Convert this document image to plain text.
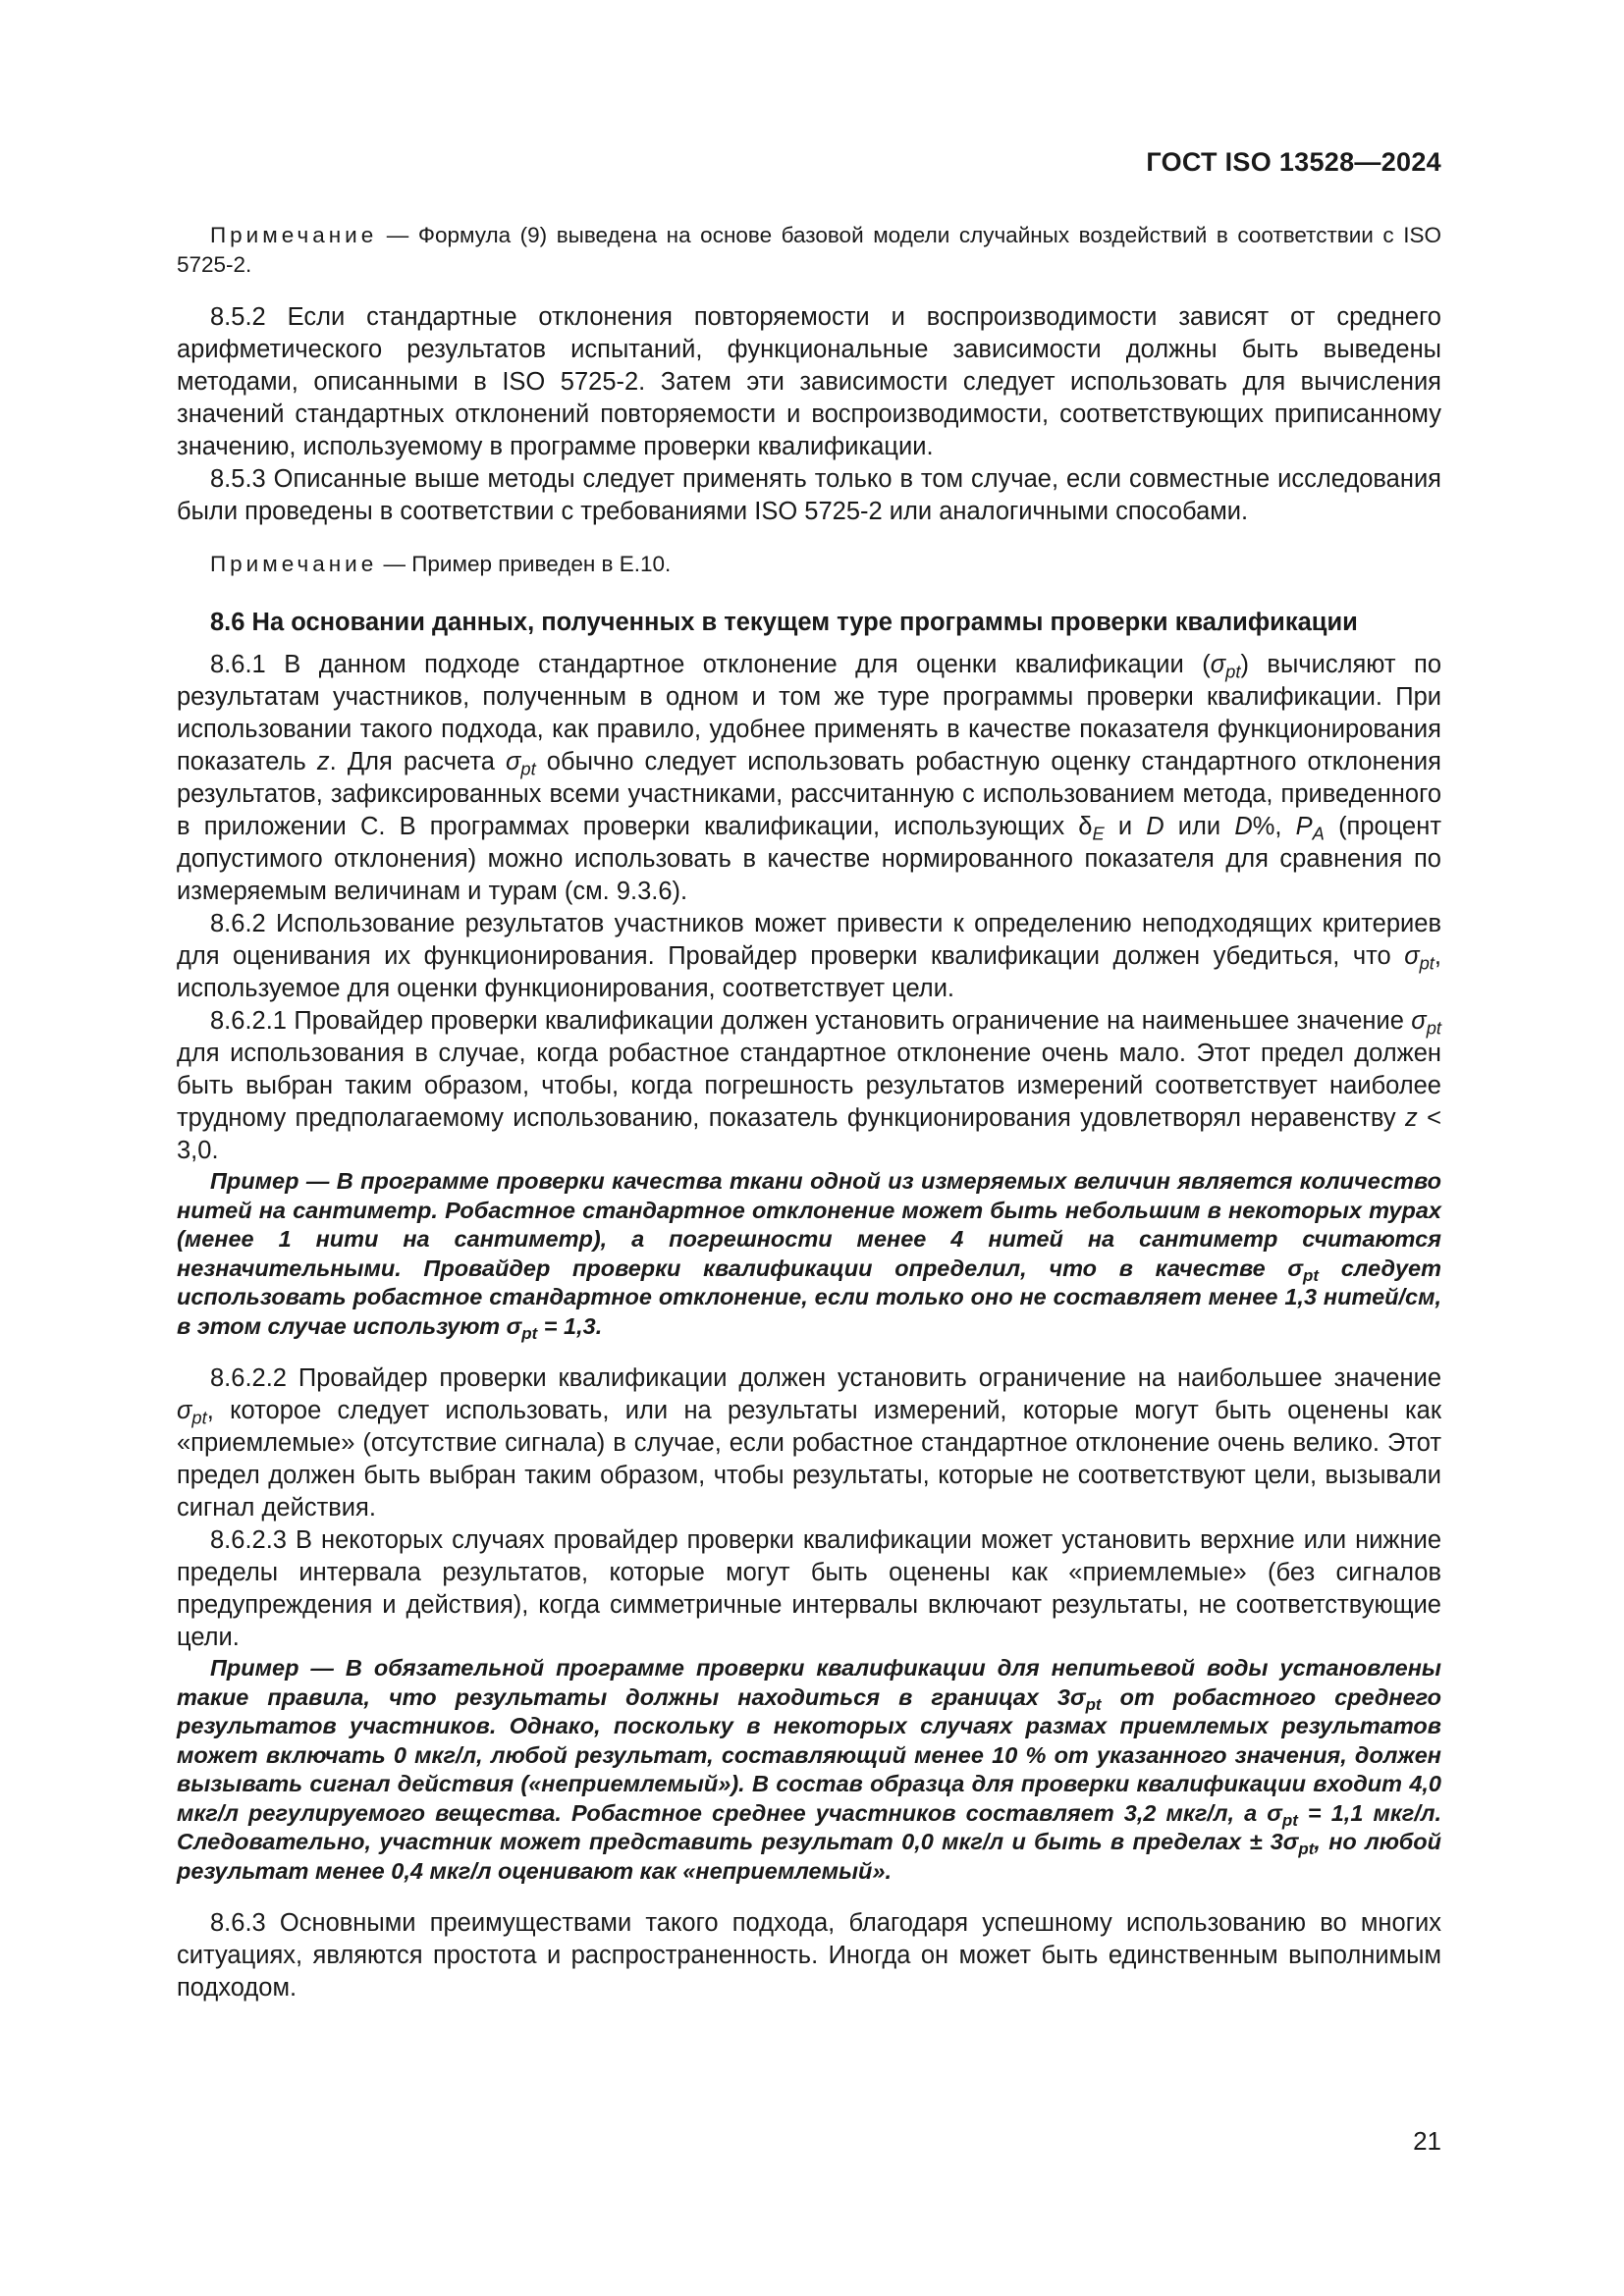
ГОСТ ISO 13528—2024

Примечание — Формула (9) выведена на основе базовой модели случайных воздействий в соответствии с ISO 5725-2.

8.5.2 Если стандартные отклонения повторяемости и воспроизводимости зависят от среднего арифметического результатов испытаний, функциональные зависимости должны быть выведены методами, описанными в ISO 5725-2. Затем эти зависимости следует использовать для вычисления значений стандартных отклонений повторяемости и воспроизводимости, соответствующих приписанному значению, используемому в программе проверки квалификации.

8.5.3 Описанные выше методы следует применять только в том случае, если совместные исследования были проведены в соответствии с требованиями ISO 5725-2 или аналогичными способами.

Примечание — Пример приведен в Е.10.

8.6 На основании данных, полученных в текущем туре программы проверки квалификации

8.6.1 В данном подходе стандартное отклонение для оценки квалификации $(\sigma_{pt})$ вычисляют по результатам участников, полученным в одном и том же туре программы проверки квалификации. При использовании такого подхода, как правило, удобнее применять в качестве показателя функционирования показатель z. Для расчета $\sigma_{pt}$ обычно следует использовать робастную оценку стандартного отклонения результатов, зафиксированных всеми участниками, рассчитанную с использованием метода, приведенного в приложении С. В программах проверки квалификации, использующих $\delta_E$ и D или D%, $P_A$ (процент допустимого отклонения) можно использовать в качестве нормированного показателя для сравнения по измеряемым величинам и турам (см. 9.3.6).

8.6.2 Использование результатов участников может привести к определению неподходящих критериев для оценивания их функционирования. Провайдер проверки квалификации должен убедиться, что $\sigma_{pt}$, используемое для оценки функционирования, соответствует цели.

8.6.2.1 Провайдер проверки квалификации должен установить ограничение на наименьшее значение $\sigma_{pt}$ для использования в случае, когда робастное стандартное отклонение очень мало. Этот предел должен быть выбран таким образом, чтобы, когда погрешность результатов измерений соответствует наиболее трудному предполагаемому использованию, показатель функционирования удовлетворял неравенству z < 3,0.

Пример — В программе проверки качества ткани одной из измеряемых величин является количество нитей на сантиметр. Робастное стандартное отклонение может быть небольшим в некоторых турах (менее 1 нити на сантиметр), а погрешности менее 4 нитей на сантиметр считаются незначительными. Провайдер проверки квалификации определил, что в качестве $\sigma_{pt}$ следует использовать робастное стандартное отклонение, если только оно не составляет менее 1,3 нитей/см, в этом случае используют $\sigma_{pt} = 1,3$.

8.6.2.2 Провайдер проверки квалификации должен установить ограничение на наибольшее значение $\sigma_{pt}$, которое следует использовать, или на результаты измерений, которые могут быть оценены как «приемлемые» (отсутствие сигнала) в случае, если робастное стандартное отклонение очень велико. Этот предел должен быть выбран таким образом, чтобы результаты, которые не соответствуют цели, вызывали сигнал действия.

8.6.2.3 В некоторых случаях провайдер проверки квалификации может установить верхние или нижние пределы интервала результатов, которые могут быть оценены как «приемлемые» (без сигналов предупреждения и действия), когда симметричные интервалы включают результаты, не соответствующие цели.

Пример — В обязательной программе проверки квалификации для непитьевой воды установлены такие правила, что результаты должны находиться в границах $3\sigma_{pt}$ от робастного среднего результатов участников. Однако, поскольку в некоторых случаях размах приемлемых результатов может включать 0 мкг/л, любой результат, составляющий менее 10 % от указанного значения, должен вызывать сигнал действия («неприемлемый»). В состав образца для проверки квалификации входит 4,0 мкг/л регулируемого вещества. Робастное среднее участников составляет 3,2 мкг/л, а $\sigma_{pt} = 1,1$ мкг/л. Следовательно, участник может представить результат 0,0 мкг/л и быть в пределах ± $3\sigma_{pt}$, но любой результат менее 0,4 мкг/л оценивают как «неприемлемый».

8.6.3 Основными преимуществами такого подхода, благодаря успешному использованию во многих ситуациях, являются простота и распространенность. Иногда он может быть единственным выполнимым подходом.

21
